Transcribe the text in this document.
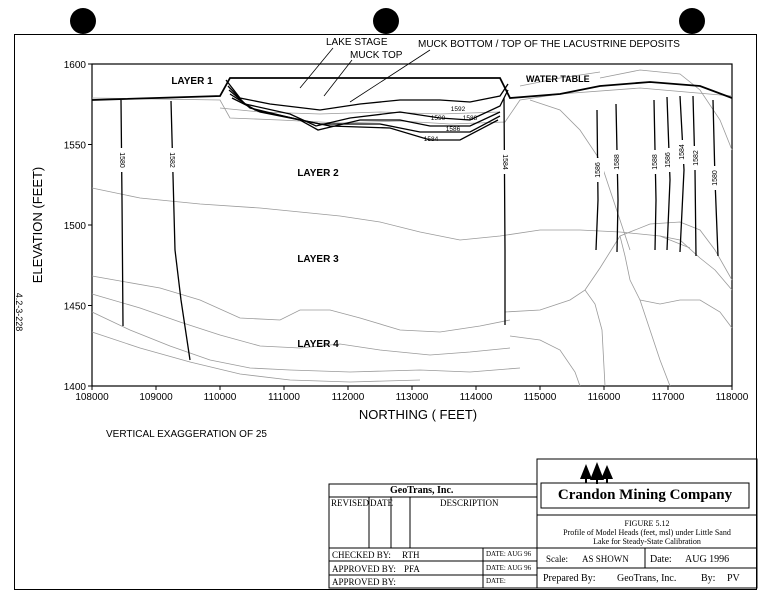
1580	1582	1584
1586
1588	1588 1586
1584 1582
1580
1592
1590	1588
1586
1584
LAYER 1
LAYER 2
LAYER 3
LAYER 4
LAKE STAGE
MUCK TOP
MUCK BOTTOM / TOP OF THE LACUSTRINE DEPOSITS
WATER TABLE
108000	109000	110000	111000	112000	113000	114000	115000	116000	117000	118000
1400
1450
1500
1550
1600
NORTHING ( FEET)
ELEVATION (FEET)
4.2-3-228
VERTICAL EXAGGERATION OF 25
GeoTrans, Inc.
REVISED DATE	DESCRIPTION
CHECKED BY: RTH	DATE: AUG 96
APPROVED BY: PFA	DATE: AUG 96
APPROVED BY:	DATE:
Crandon Mining Company
FIGURE 5.12
Profile of Model Heads (feet, msl) under Little Sand
Lake for Steady-State Calibration
Scale: AS SHOWN Date: AUG 1996
Prepared By: GeoTrans, Inc. By: PV
